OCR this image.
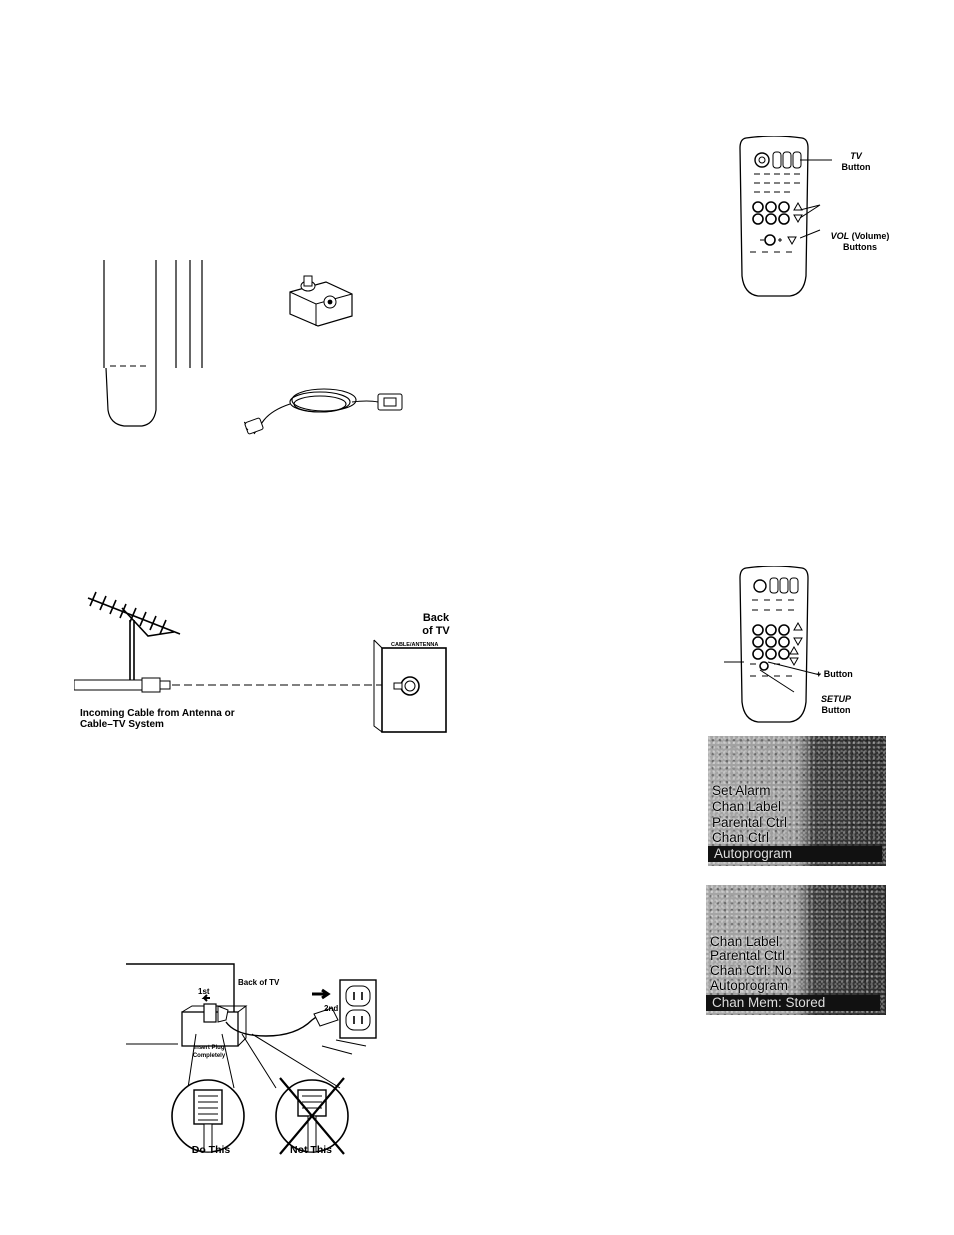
TV
Button
VOL (Volume)
Buttons
Back
of TV
CABLE/ANTENNA
Incoming Cable from Antenna or
Cable–TV System
+ Button
SETUP
Button
Set Alarm
Chan Label
Parental Ctrl
Chan Ctrl
Autoprogram
Chan Label
Parental Ctrl
Chan Ctrl: No
Autoprogram
Chan Mem: Stored
Back of TV
1st
2nd
Insert Plug
Completely
Do This	Not This
